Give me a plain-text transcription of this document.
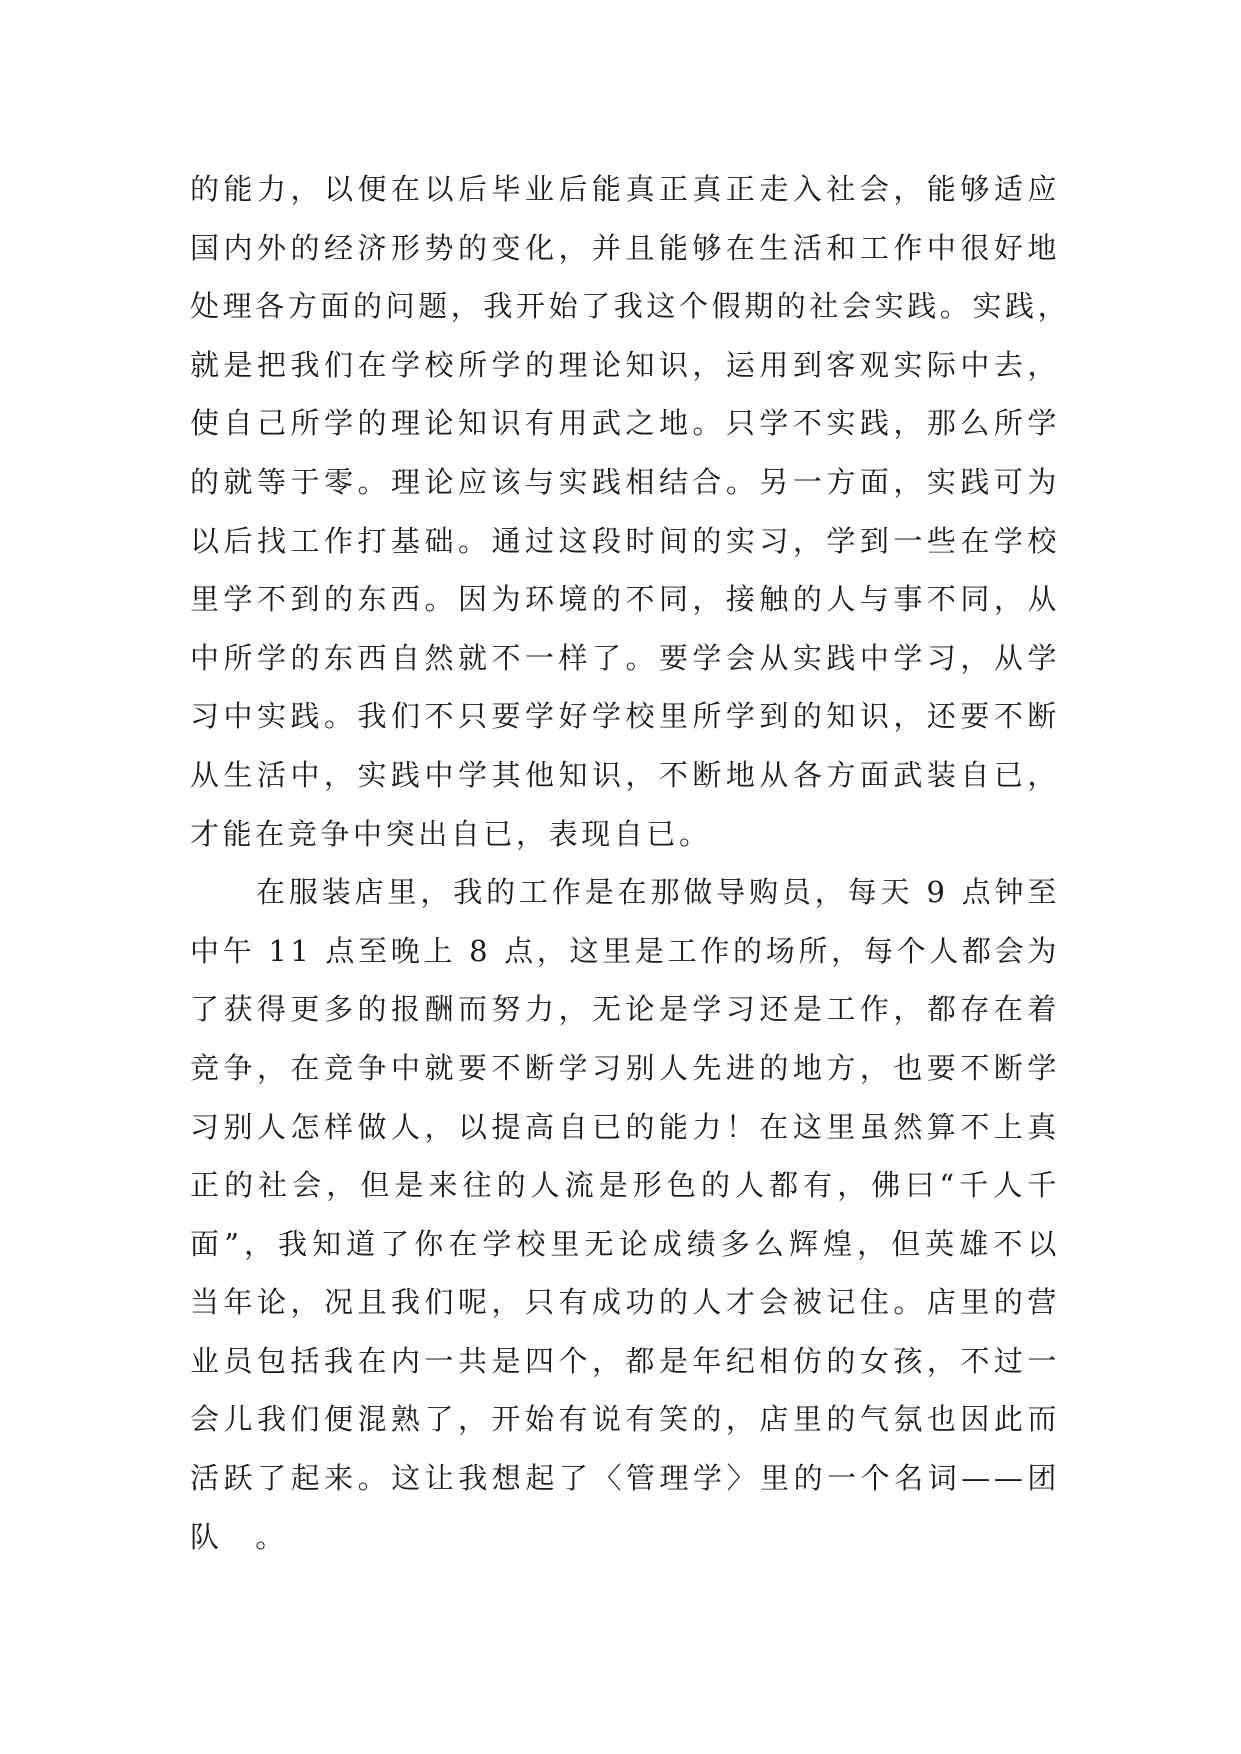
的能力，以便在以后毕业后能真正真正走入社会，能够适应
国内外的经济形势的变化，并且能够在生活和工作中很好地
处理各方面的问题，我开始了我这个假期的社会实践。实践，
就是把我们在学校所学的理论知识，运用到客观实际中去，
使自己所学的理论知识有用武之地。只学不实践，那么所学
的就等于零。理论应该与实践相结合。另一方面，实践可为
以后找工作打基础。通过这段时间的实习，学到一些在学校
里学不到的东西。因为环境的不同，接触的人与事不同，从
中所学的东西自然就不一样了。要学会从实践中学习，从学
习中实践。我们不只要学好学校里所学到的知识，还要不断
从生活中，实践中学其他知识，不断地从各方面武装自已，
才能在竞争中突出自已，表现自已。
在服装店里，我的工作是在那做导购员，每天 9 点钟至
中午 11 点至晚上 8 点，这里是工作的场所，每个人都会为
了获得更多的报酬而努力，无论是学习还是工作，都存在着
竞争，在竞争中就要不断学习别人先进的地方，也要不断学
习别人怎样做人，以提高自已的能力！在这里虽然算不上真
正的社会，但是来往的人流是形色的人都有，佛曰“千人千
面”，我知道了你在学校里无论成绩多么辉煌，但英雄不以
当年论，况且我们呢，只有成功的人才会被记住。店里的营
业员包括我在内一共是四个，都是年纪相仿的女孩，不过一
会儿我们便混熟了，开始有说有笑的，店里的气氛也因此而
活跃了起来。这让我想起了〈管理学〉里的一个名词——团
队　。
